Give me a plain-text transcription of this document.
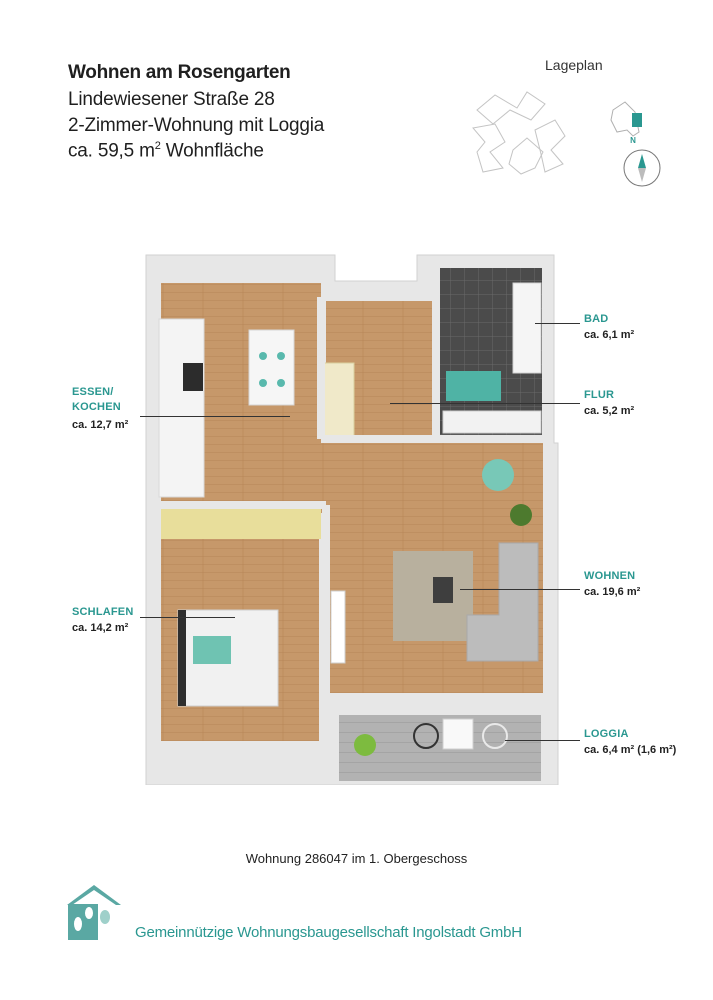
Wohnen am Rosengarten
Lindewiesener Straße 28
2-Zimmer-Wohnung mit Loggia
ca. 59,5 $m^2$ Wohnfläche
Lageplan
N
BAD
ca. 6,1 m²
FLUR
ca. 5,2 m²
ESSEN/
KOCHEN
ca. 12,7 m²
WOHNEN
ca. 19,6 m²
SCHLAFEN
ca. 14,2 m²
LOGGIA
ca. 6,4 m² (1,6 m²)
Wohnung 286047 im 1. Obergeschoss
Gemeinnützige Wohnungsbaugesellschaft Ingolstadt GmbH
